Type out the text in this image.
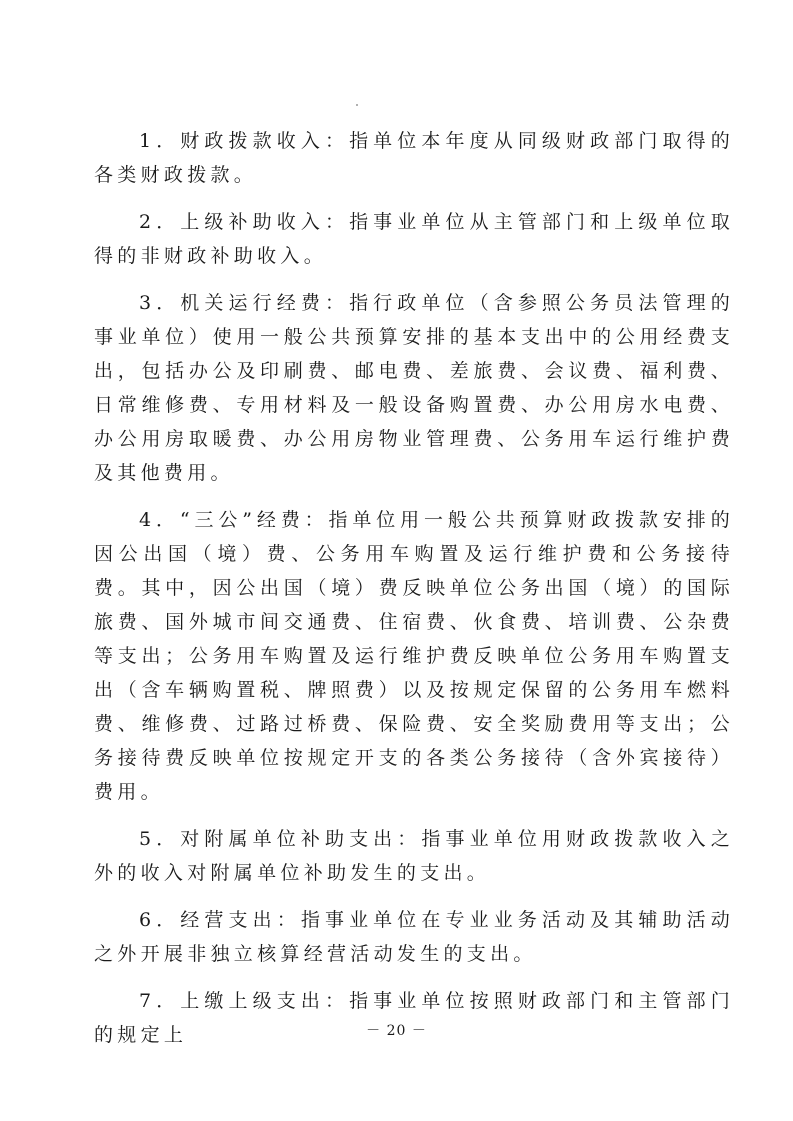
1．财政拨款收入：指单位本年度从同级财政部门取得的各类财政拨款。

2．上级补助收入：指事业单位从主管部门和上级单位取得的非财政补助收入。

3．机关运行经费：指行政单位（含参照公务员法管理的事业单位）使用一般公共预算安排的基本支出中的公用经费支出，包括办公及印刷费、邮电费、差旅费、会议费、福利费、日常维修费、专用材料及一般设备购置费、办公用房水电费、办公用房取暖费、办公用房物业管理费、公务用车运行维护费及其他费用。

4．“三公”经费：指单位用一般公共预算财政拨款安排的因公出国（境）费、公务用车购置及运行维护费和公务接待费。其中，因公出国（境）费反映单位公务出国（境）的国际旅费、国外城市间交通费、住宿费、伙食费、培训费、公杂费等支出；公务用车购置及运行维护费反映单位公务用车购置支出（含车辆购置税、牌照费）以及按规定保留的公务用车燃料费、维修费、过路过桥费、保险费、安全奖励费用等支出；公务接待费反映单位按规定开支的各类公务接待（含外宾接待）费用。

5．对附属单位补助支出：指事业单位用财政拨款收入之外的收入对附属单位补助发生的支出。

6．经营支出：指事业单位在专业业务活动及其辅助活动之外开展非独立核算经营活动发生的支出。

7．上缴上级支出：指事业单位按照财政部门和主管部门的规定上	－ 20 －
